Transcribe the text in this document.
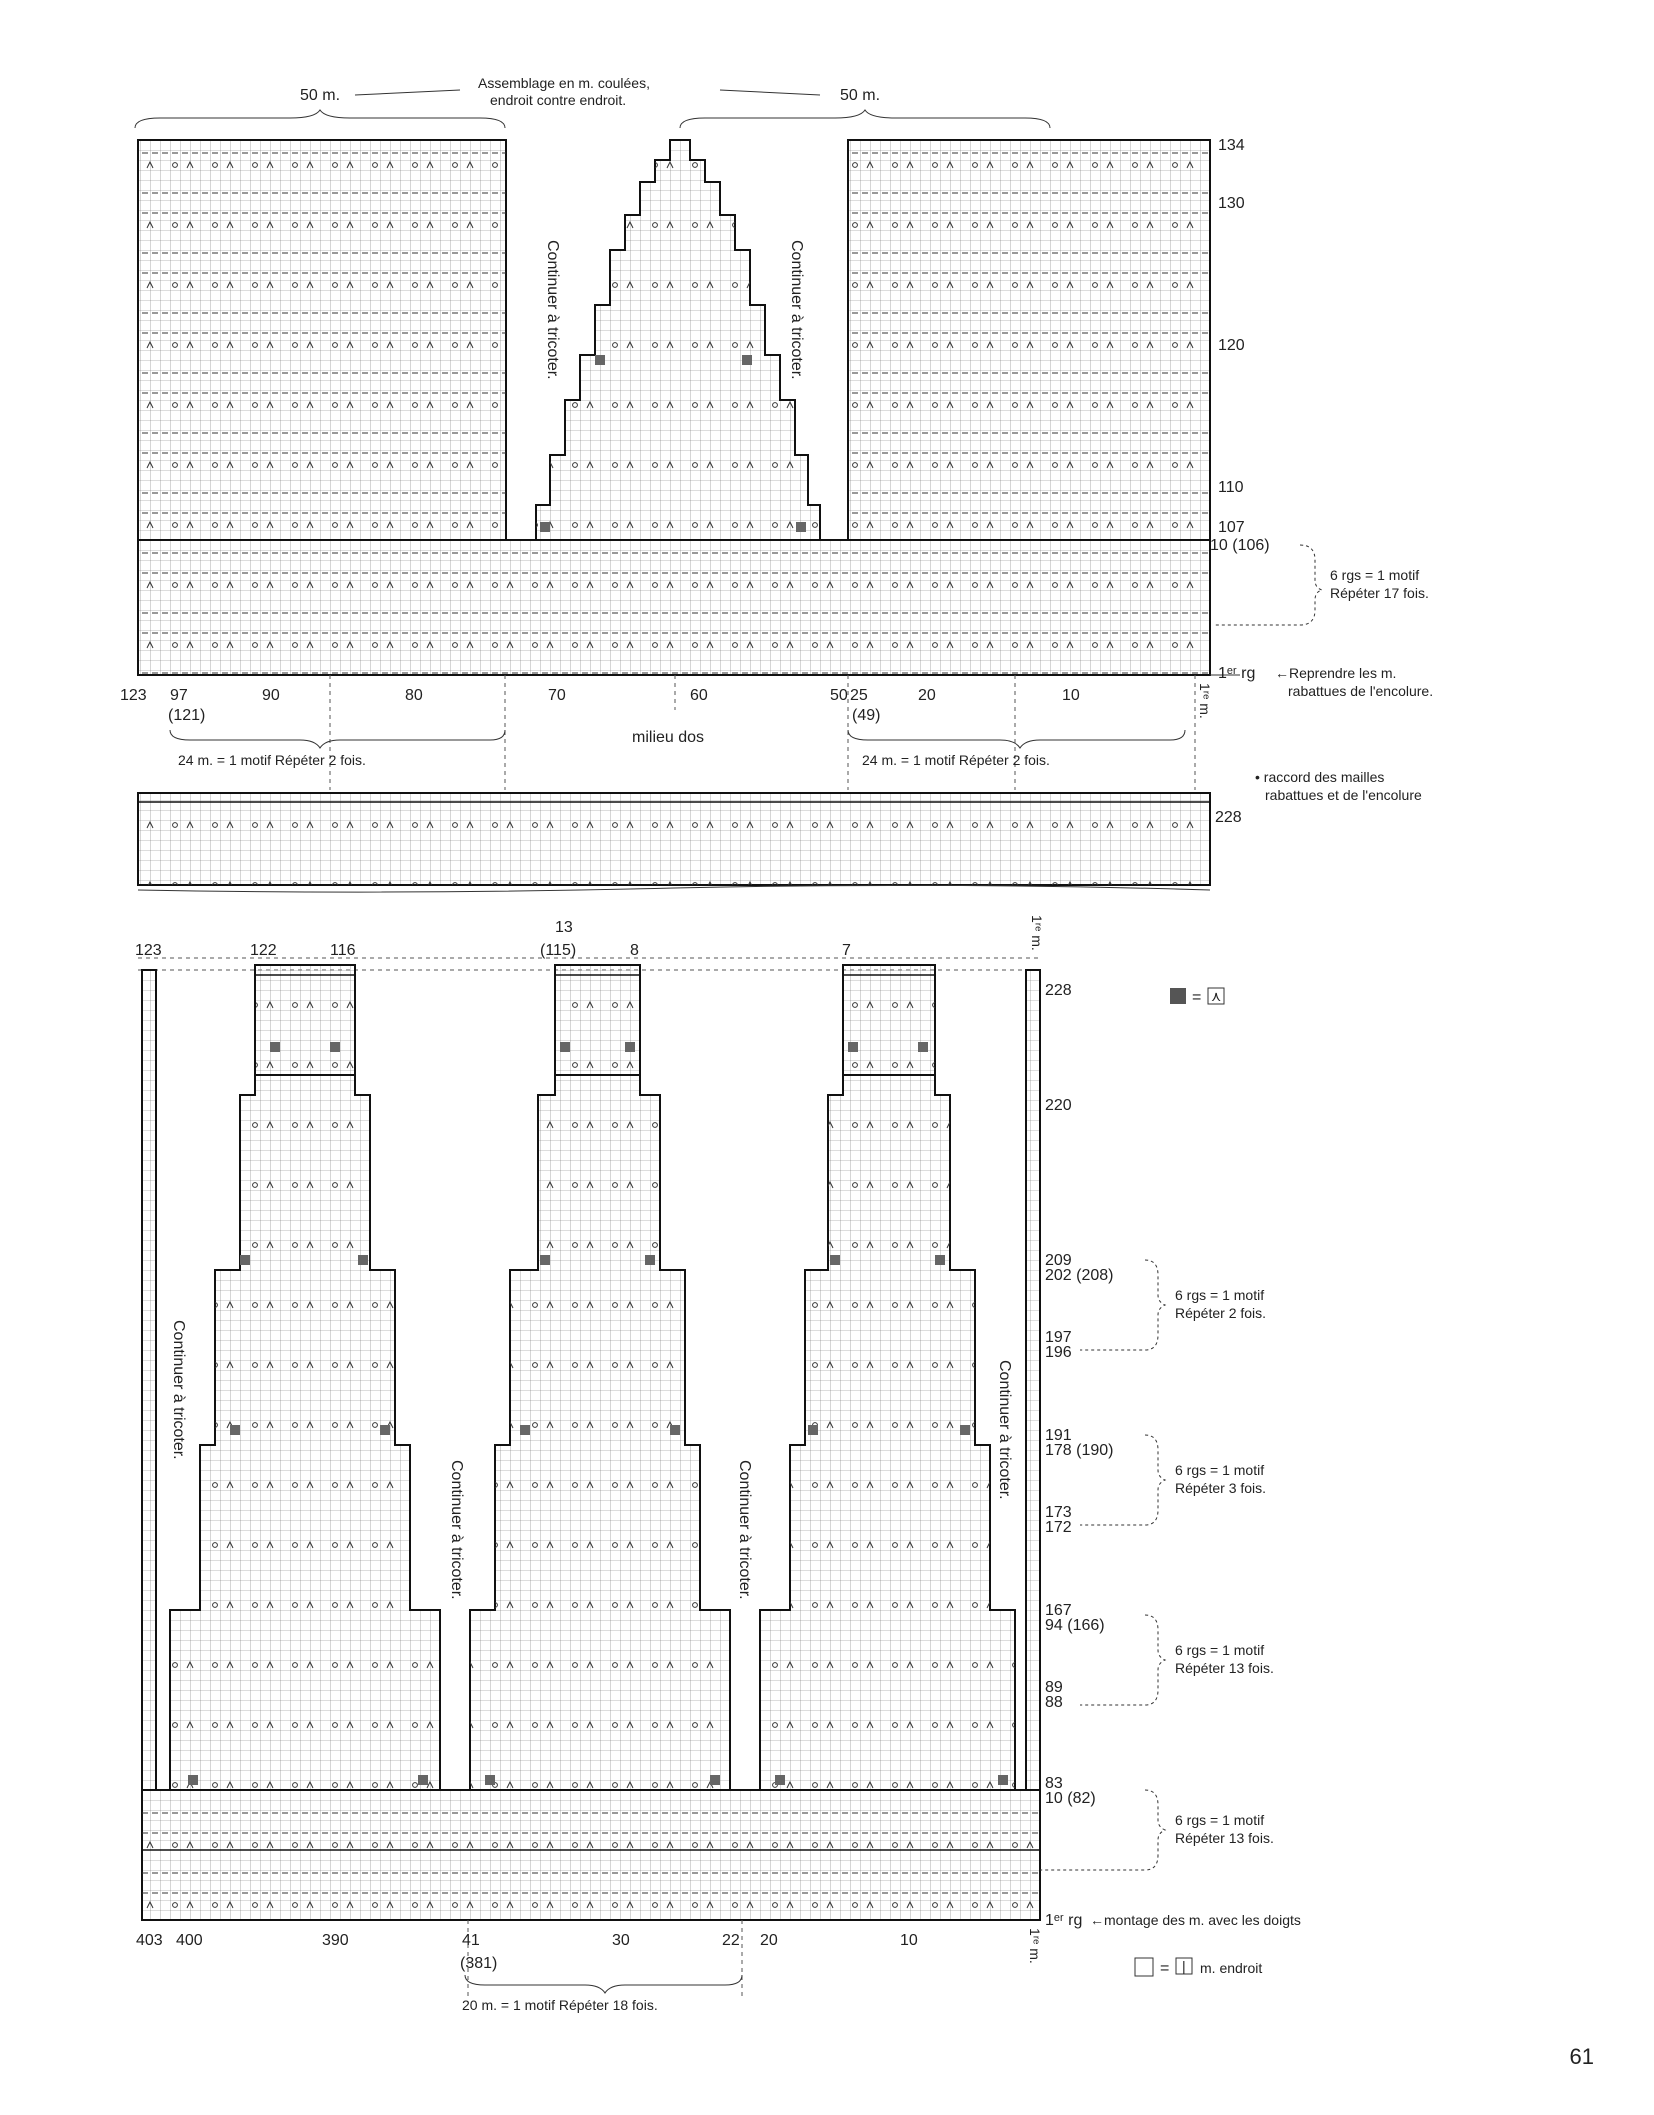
50 m.	50 m.
Assemblage en m. coulées,
endroit contre endroit.
Continuer à tricoter.	Continuer à tricoter.
134
130
120
110
107
10 (106)
6 rgs = 1 motif
Répéter 17 fois.
1ᵉʳ rg ←Reprendre les m.
rabattues de l'encolure.
1ʳᵉ m.
123 97
(121)
90	80	70	60	50 25
(49)
20	10
milieu dos
24 m. = 1 motif Répéter 2 fois.	24 m. = 1 motif Répéter 2 fois.
• raccord des mailles
rabattues et de l'encolure
228
123	122	116
13
(115)	8	7	1ʳᵉ m.
Continuer à tricoter.
Continuer à tricoter.	Continuer à tricoter.
Continuer à tricoter.
228
220
209
202 (208)
197
196
191
178 (190)
173
172
167
94 (166)
89
88
83
10 (82)
6 rgs = 1 motif
Répéter 2 fois.
6 rgs = 1 motif
Répéter 3 fois.
6 rgs = 1 motif
Répéter 13 fois.
6 rgs = 1 motif
Répéter 13 fois.
1ᵉʳ rg ←montage des m. avec les doigts
1ʳᵉ m.
403 400	390	41
(381)
30	22 20	10
20 m. = 1 motif Répéter 18 fois.
= ⋏
= | m. endroit
61
